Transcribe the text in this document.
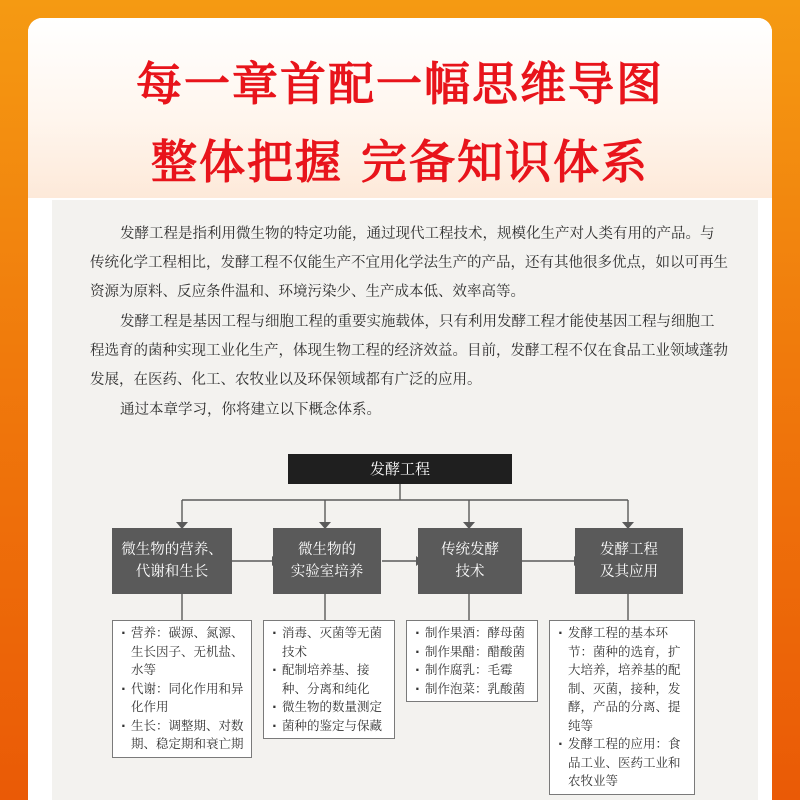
每一章首配一幅思维导图
整体把握 完备知识体系

发酵工程是指利用微生物的特定功能，通过现代工程技术，规模化生产对人类有用的产品。与传统化学工程相比，发酵工程不仅能生产不宜用化学法生产的产品，还有其他很多优点，如以可再生资源为原料、反应条件温和、环境污染少、生产成本低、效率高等。

发酵工程是基因工程与细胞工程的重要实施载体，只有利用发酵工程才能使基因工程与细胞工程选育的菌种实现工业化生产，体现生物工程的经济效益。目前，发酵工程不仅在食品工业领域蓬勃发展，在医药、化工、农牧业以及环保领域都有广泛的应用。

通过本章学习，你将建立以下概念体系。

发酵工程
微生物的营养、
代谢和生长
微生物的
实验室培养
传统发酵
技术
发酵工程
及其应用
· 营养：碳源、氮源、生长因子、无机盐、水等
· 代谢：同化作用和异化作用
· 生长：调整期、对数期、稳定期和衰亡期
· 消毒、灭菌等无菌技术
· 配制培养基、接种、分离和纯化
· 微生物的数量测定
· 菌种的鉴定与保藏
· 制作果酒：酵母菌
· 制作果醋：醋酸菌
· 制作腐乳：毛霉
· 制作泡菜：乳酸菌
· 发酵工程的基本环节：菌种的选育，扩大培养，培养基的配制、灭菌，接种，发酵，产品的分离、提纯等
· 发酵工程的应用：食品工业、医药工业和农牧业等
